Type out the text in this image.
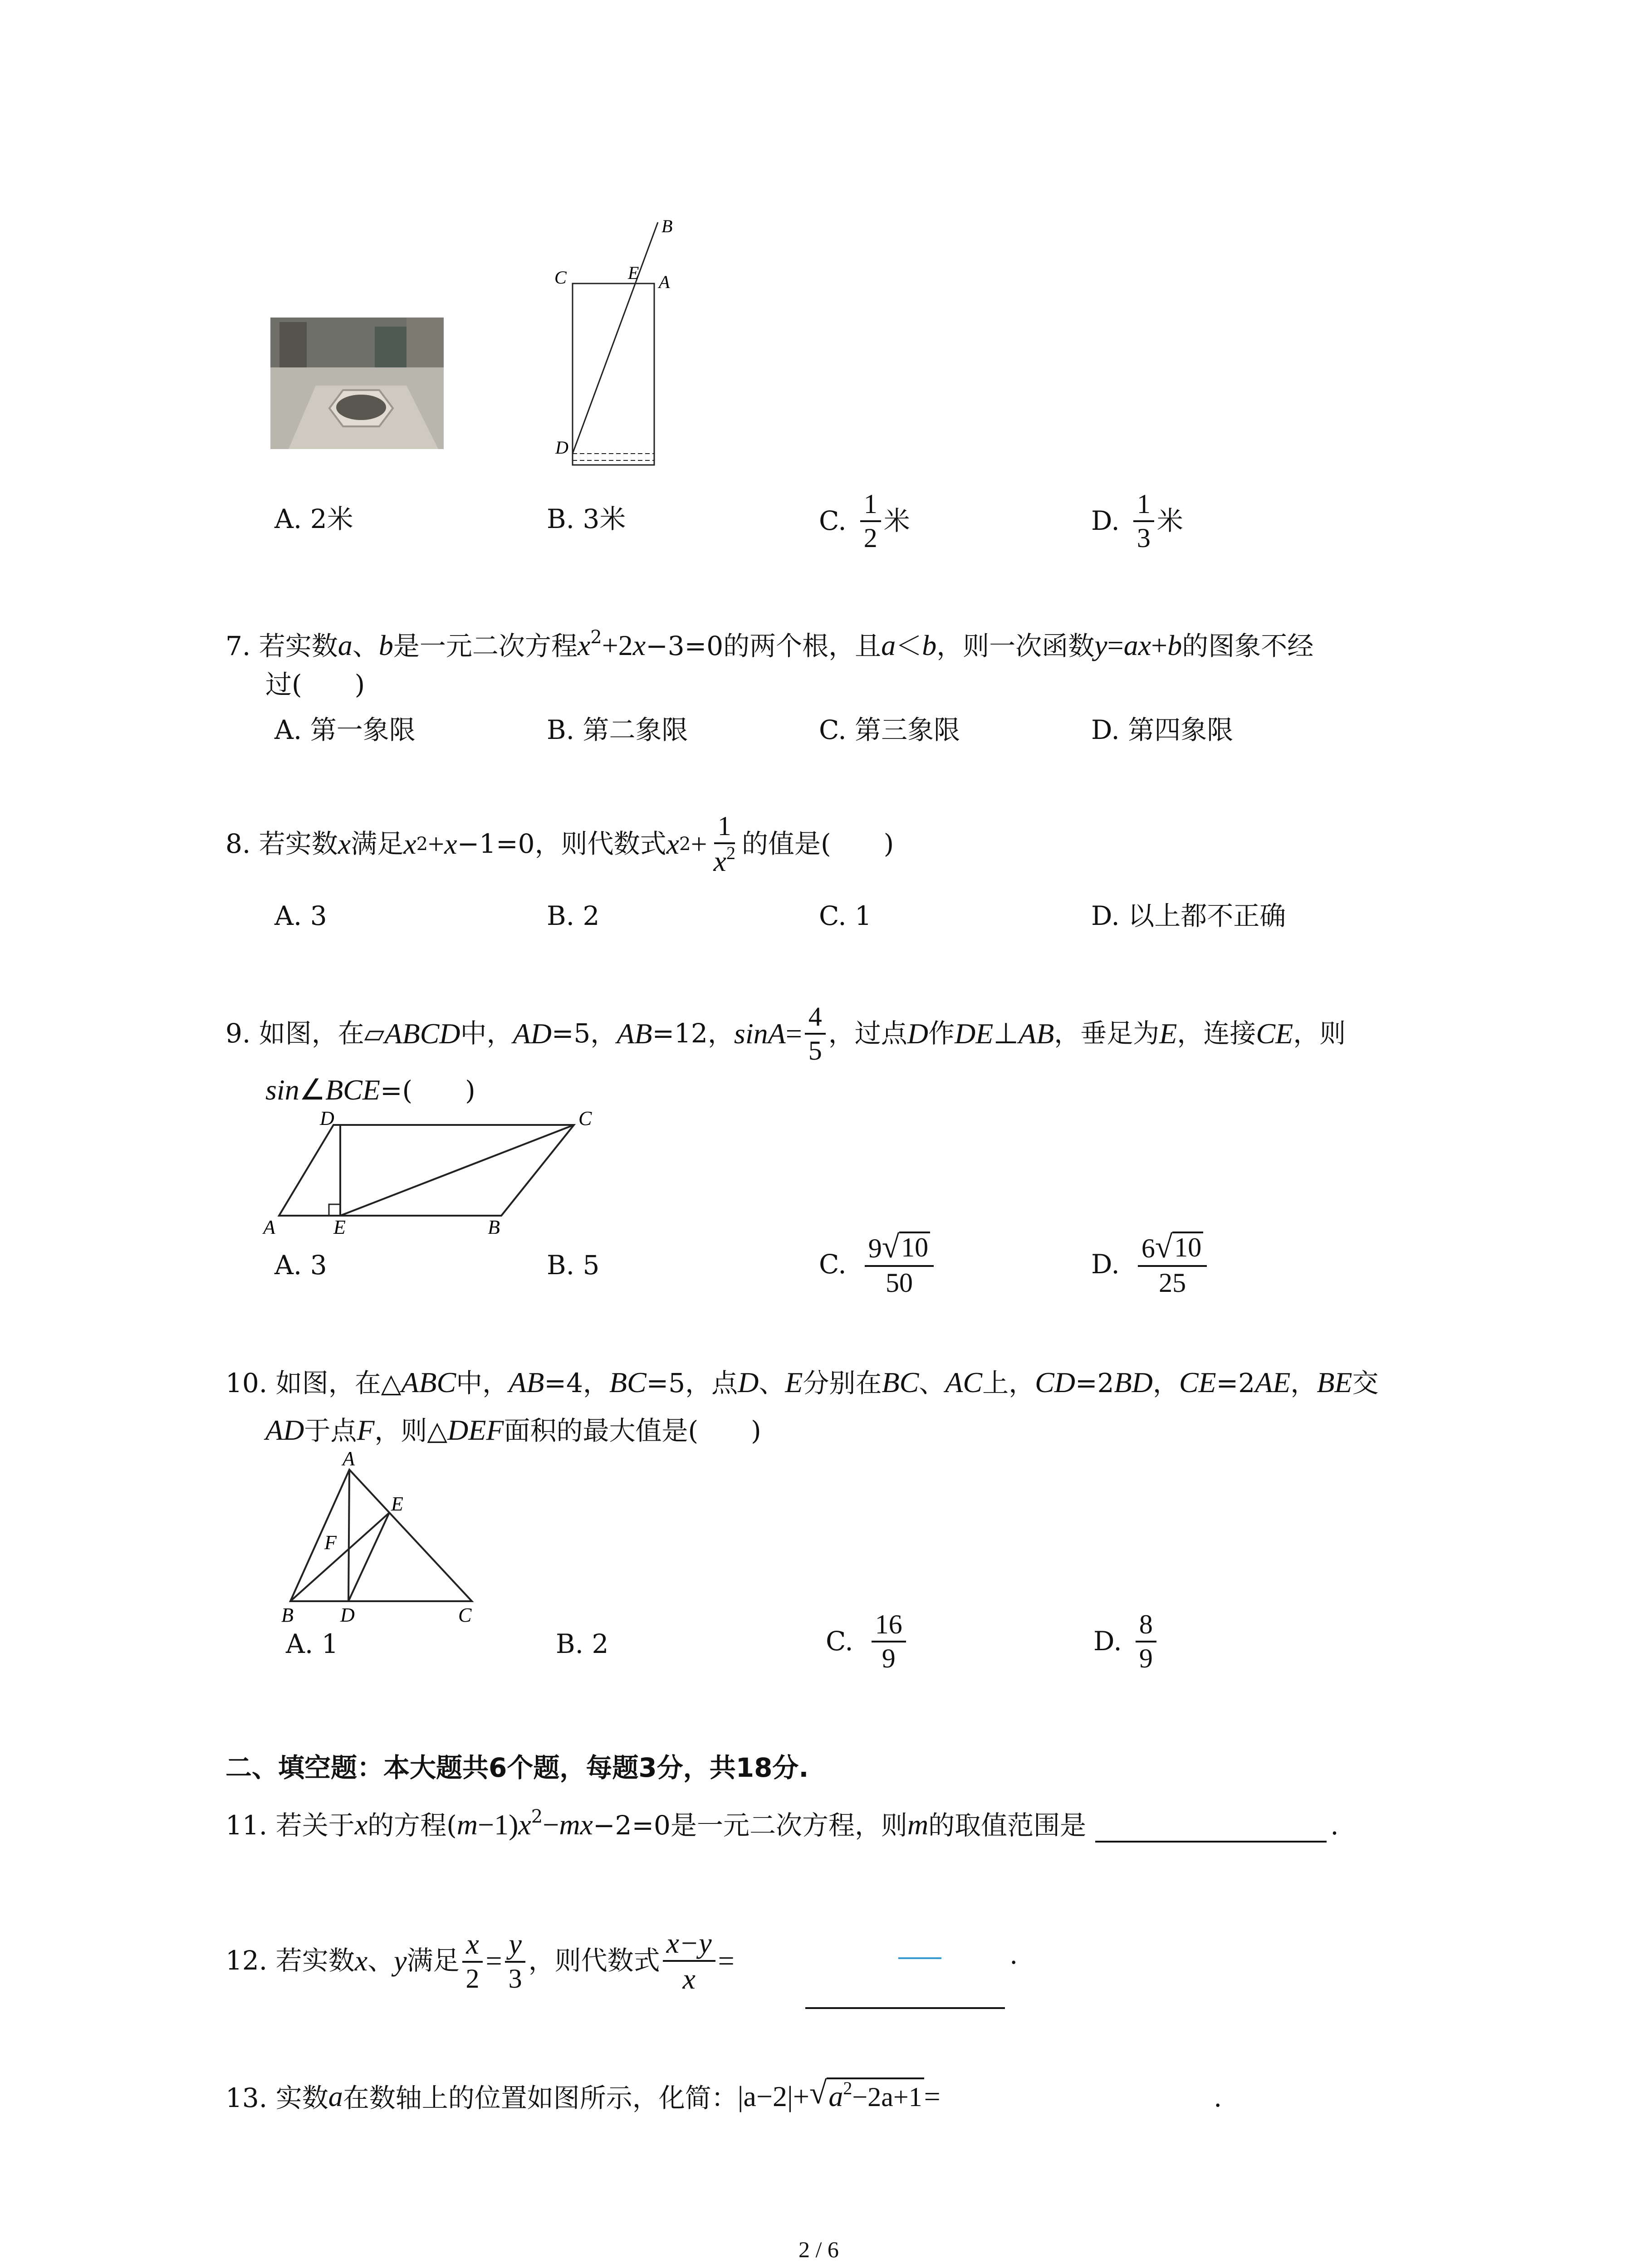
B
C	E A
D
A. 2米	B. 3米	C. $\frac{1}{2}$ 米	D. $\frac{1}{3}$ 米
7. 若实数a、b是一元二次方程$x^2+2x-3=0$的两个根，且a＜b，则一次函数y=ax+b的图象不经
过(　　)
A. 第一象限	B. 第二象限	C. 第三象限	D. 第四象限
8.
若实数 x 满足 x 2 + x −1=0，则代数式 x $2 + \frac{1}{x^2}$ 的值是(　　)
A. 3	B. 2	C. 1	D. 以上都不正确
9.
如图，在▱ ABCD 中， AD =5， AB =12， $\sin A = \frac{4}{5}$ ，过点 D 作 DE ⊥ AB ，垂足为 E ，连接 CE ，则
sin∠BCE=(　　)
D	C
A	E	B
A. 3	B. 5	C. $\frac{9 √ 10}{50}$	D. $\frac{6 √ 10}{25}$
10. 如图，在△ABC中，AB=4，BC=5，点D、E分别在BC、AC上，CD=2BD，CE=2AE，BE交
AD于点F，则△DEF面积的最大值是(　　)
A
E
F
B D	C
A. 1	B. 2	C. $\frac{16}{9}$	D. $\frac{8}{9}$
二、填空题：本大题共6个题，每题3分，共18分.
11. 若关于x的方程$(m-1)x^2-mx-2=0$是一元二次方程，则m的取值范围是	.
12.
若实数 x 、 y 满足 $\frac{x}{2} = \frac{y}{3}$ ，则代数式 $\frac{x-y}{x}$ =	.
13.
实数 a 在数轴上的位置如图所示，化简： |a−2|+ √ $a^2-2a+1$ =	.
2 / 6
